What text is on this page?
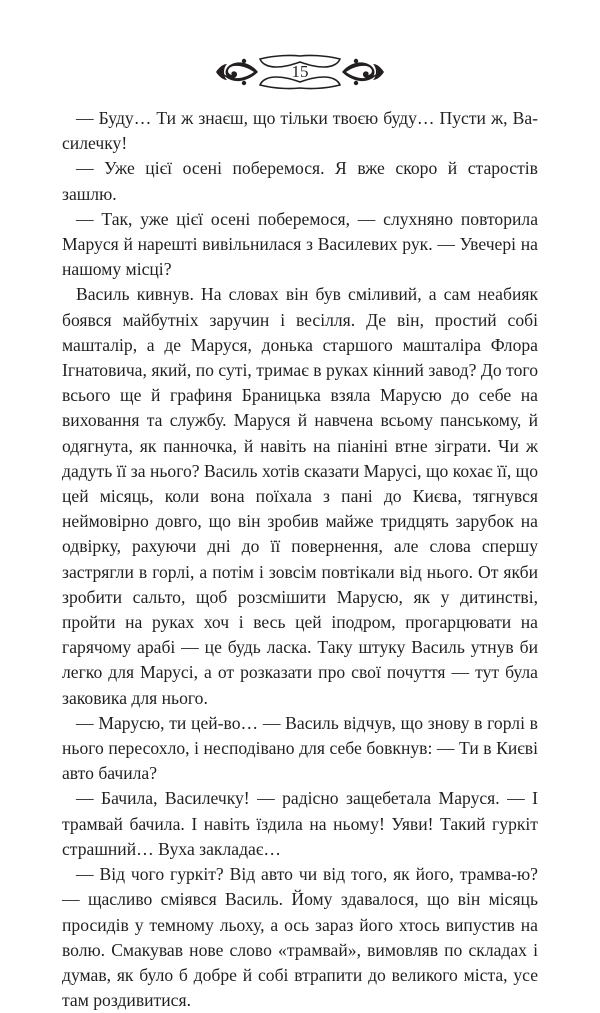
15

— Буду… Ти ж знаєш, що тільки твоєю буду… Пусти ж, Василечку!

— Уже цієї осені поберемося. Я вже скоро й старостів зашлю.

— Так, уже цієї осені поберемося, — слухняно повторила Маруся й нарешті вивільнилася з Василевих рук. — Увечері на нашому місці?

Василь кивнув. На словах він був сміливий, а сам неабияк боявся майбутніх заручин і весілля. Де він, простий собі машталір, а де Маруся, донька старшого машталіра Флора Ігнатовича, який, по суті, тримає в руках кінний завод? До того всього ще й графиня Браницька взяла Марусю до себе на виховання та службу. Маруся й навчена всьому панському, й одягнута, як панночка, й навіть на піаніні втне зіграти. Чи ж дадуть її за нього? Василь хотів сказати Марусі, що кохає її, що цей місяць, коли вона поїхала з пані до Києва, тягнувся неймовірно довго, що він зробив майже тридцять зарубок на одвірку, рахуючи дні до її повернення, але слова спершу застрягли в горлі, а потім і зовсім повтікали від нього. От якби зробити сальто, щоб розсмішити Марусю, як у дитинстві, пройти на руках хоч і весь цей іподром, прогарцювати на гарячому арабі — це будь ласка. Таку штуку Василь утнув би легко для Марусі, а от розказати про свої почуття — тут була заковика для нього.

— Марусю, ти цей-во… — Василь відчув, що знову в горлі в нього пересохло, і несподівано для себе бовкнув: — Ти в Києві авто бачила?

— Бачила, Василечку! — радісно защебетала Маруся. — І трамвай бачила. І навіть їздила на ньому! Уяви! Такий гуркіт страшний… Вуха закладає…

— Від чого гуркіт? Від авто чи від того, як його, трамва-ю? — щасливо сміявся Василь. Йому здавалося, що він місяць просидів у темному льоху, а ось зараз його хтось випустив на волю. Смакував нове слово «трамвай», вимовляв по складах і думав, як було б добре й собі втрапити до великого міста, усе там роздивитися.
